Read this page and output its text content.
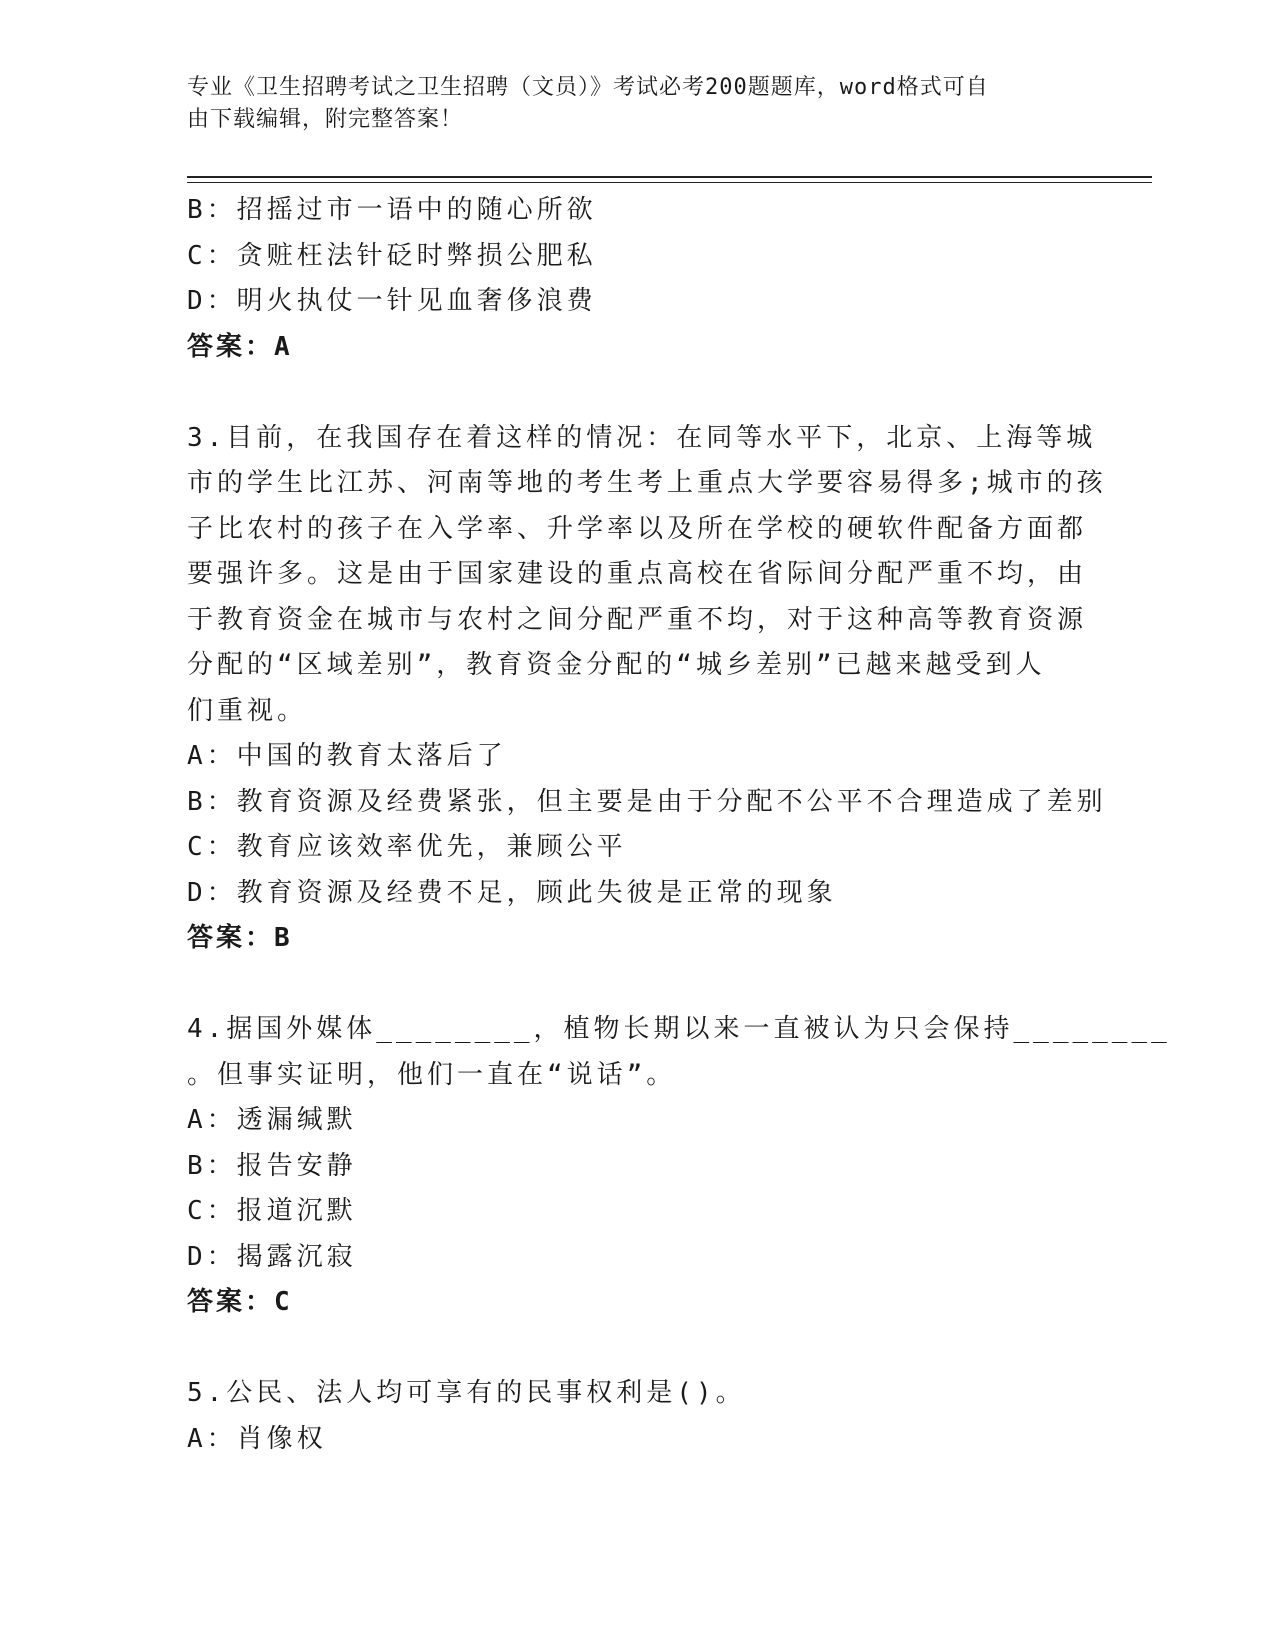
专业《卫生招聘考试之卫生招聘（文员）》考试必考200题题库，word格式可自
由下载编辑，附完整答案！
B：招摇过市一语中的随心所欲
C：贪赃枉法针砭时弊损公肥私
D：明火执仗一针见血奢侈浪费
答案：A
3.目前，在我国存在着这样的情况：在同等水平下，北京、上海等城
市的学生比江苏、河南等地的考生考上重点大学要容易得多;城市的孩
子比农村的孩子在入学率、升学率以及所在学校的硬软件配备方面都
要强许多。这是由于国家建设的重点高校在省际间分配严重不均，由
于教育资金在城市与农村之间分配严重不均，对于这种高等教育资源
分配的“区域差别”，教育资金分配的“城乡差别”已越来越受到人
们重视。
A：中国的教育太落后了
B：教育资源及经费紧张，但主要是由于分配不公平不合理造成了差别
C：教育应该效率优先，兼顾公平
D：教育资源及经费不足，顾此失彼是正常的现象
答案：B
4.据国外媒体________，植物长期以来一直被认为只会保持________
。但事实证明，他们一直在“说话”。
A：透漏缄默
B：报告安静
C：报道沉默
D：揭露沉寂
答案：C
5.公民、法人均可享有的民事权利是()。
A：肖像权
